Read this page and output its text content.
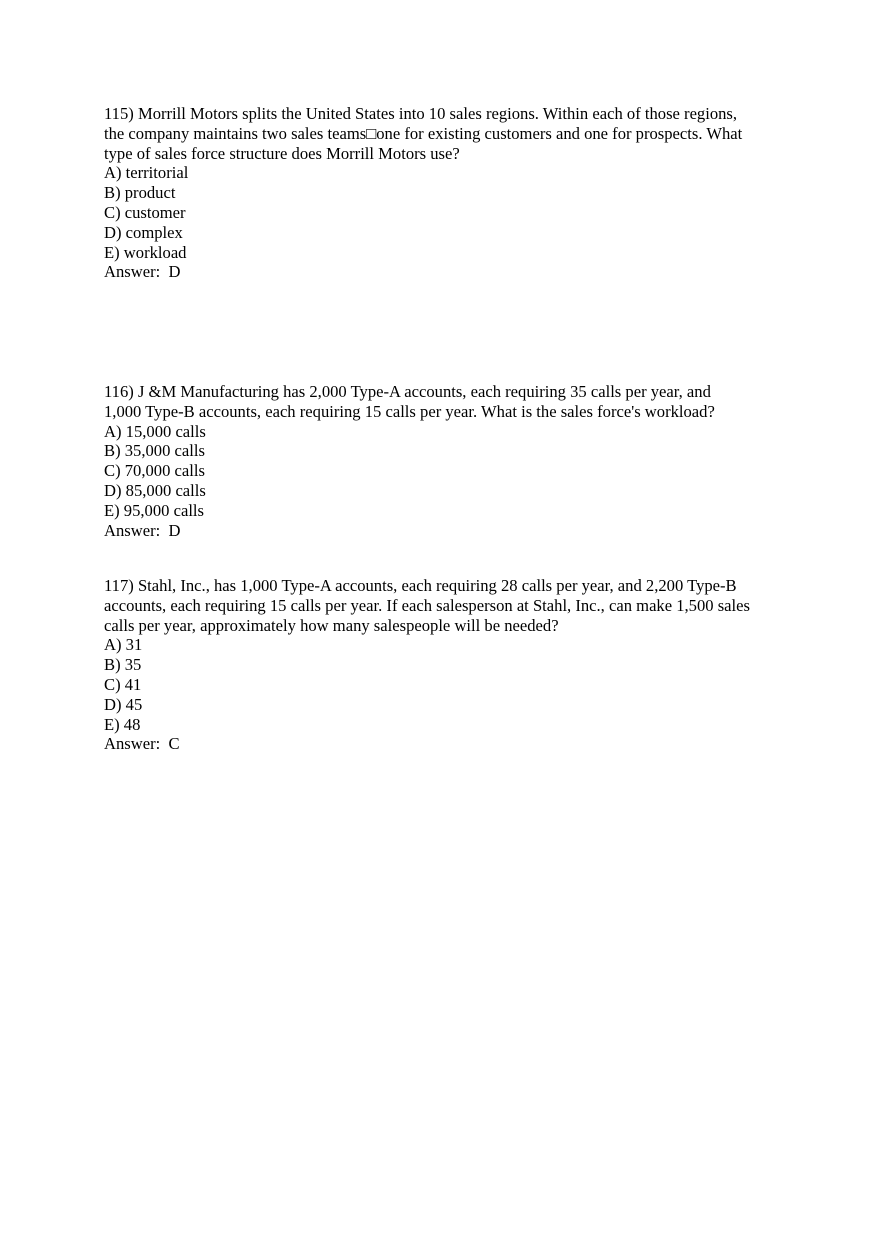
115) Morrill Motors splits the United States into 10 sales regions. Within each of those regions,
the company maintains two sales teams□one for existing customers and one for prospects. What
type of sales force structure does Morrill Motors use?
A) territorial
B) product
C) customer
D) complex
E) workload
Answer:  D
116) J &M Manufacturing has 2,000 Type-A accounts, each requiring 35 calls per year, and
1,000 Type-B accounts, each requiring 15 calls per year. What is the sales force's workload?
A) 15,000 calls
B) 35,000 calls
C) 70,000 calls
D) 85,000 calls
E) 95,000 calls
Answer:  D
117) Stahl, Inc., has 1,000 Type-A accounts, each requiring 28 calls per year, and 2,200 Type-B
accounts, each requiring 15 calls per year. If each salesperson at Stahl, Inc., can make 1,500 sales
calls per year, approximately how many salespeople will be needed?
A) 31
B) 35
C) 41
D) 45
E) 48
Answer:  C
